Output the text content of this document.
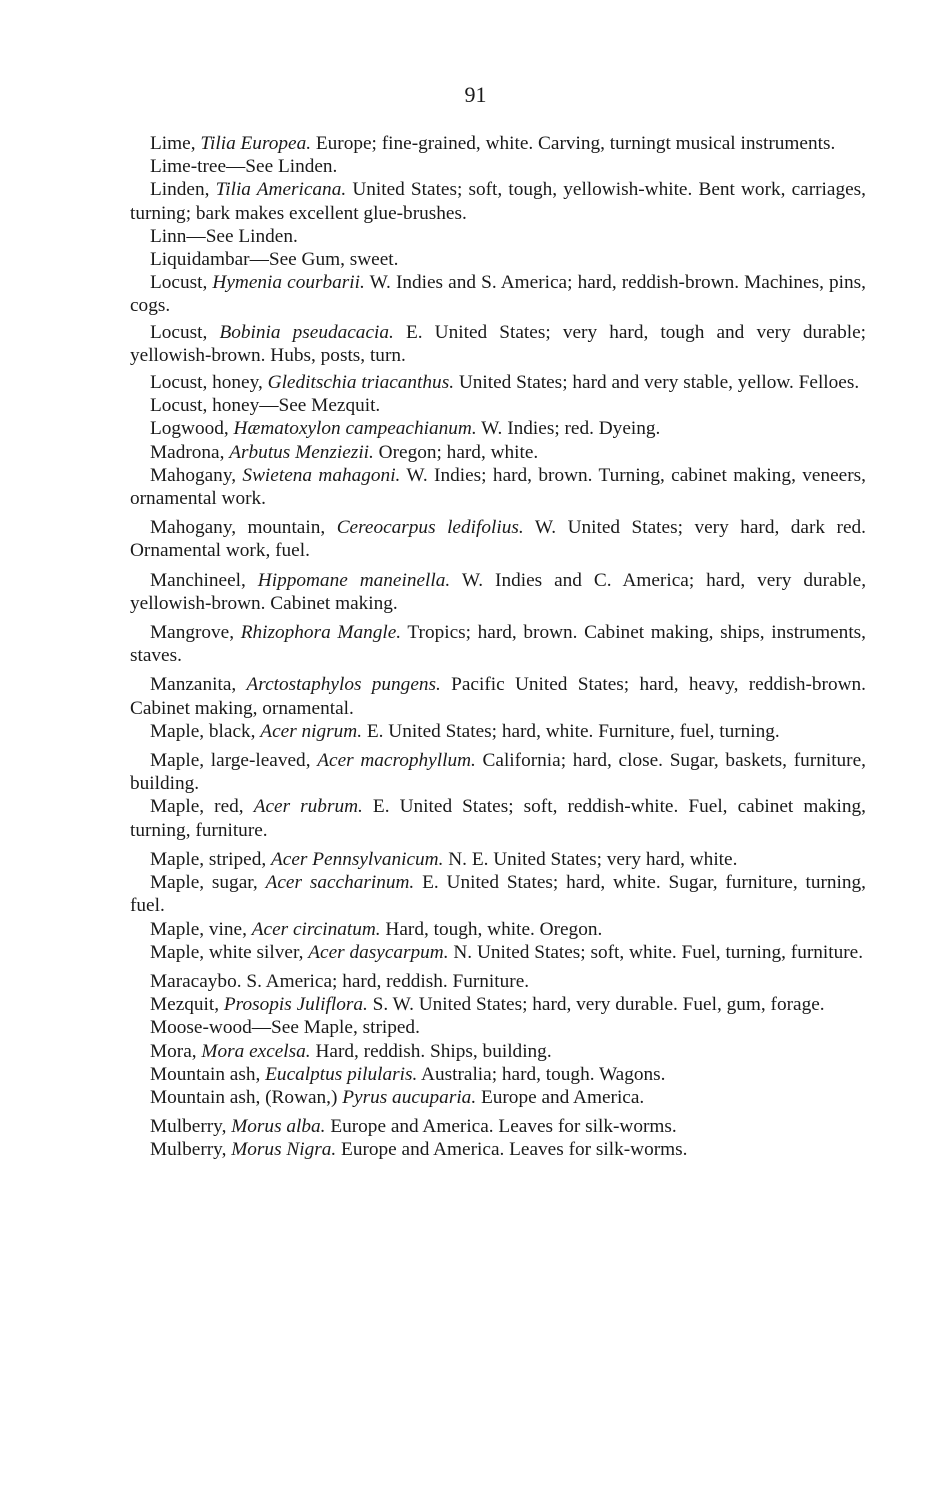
91

Lime, Tilia Europea. Europe; fine-grained, white. Carving, turningt musical instruments.

Lime-tree—See Linden.

Linden, Tilia Americana. United States; soft, tough, yellowish-white. Bent work, carriages, turning; bark makes excellent glue-brushes.

Linn—See Linden.

Liquidambar—See Gum, sweet.

Locust, Hymenia courbarii. W. Indies and S. America; hard, reddish-brown. Machines, pins, cogs.

Locust, Bobinia pseudacacia. E. United States; very hard, tough and very durable; yellowish-brown. Hubs, posts, turn.

Locust, honey, Gleditschia triacanthus. United States; hard and very stable, yellow. Felloes.

Locust, honey—See Mezquit.

Logwood, Hæmatoxylon campeachianum. W. Indies; red. Dyeing.

Madrona, Arbutus Menziezii. Oregon; hard, white.

Mahogany, Swietena mahagoni. W. Indies; hard, brown. Turning, cabinet making, veneers, ornamental work.

Mahogany, mountain, Cereocarpus ledifolius. W. United States; very hard, dark red. Ornamental work, fuel.

Manchineel, Hippomane maneinella. W. Indies and C. America; hard, very durable, yellowish-brown. Cabinet making.

Mangrove, Rhizophora Mangle. Tropics; hard, brown. Cabinet making, ships, instruments, staves.

Manzanita, Arctostaphylos pungens. Pacific United States; hard, heavy, reddish-brown. Cabinet making, ornamental.

Maple, black, Acer nigrum. E. United States; hard, white. Furniture, fuel, turning.

Maple, large-leaved, Acer macrophyllum. California; hard, close. Sugar, baskets, furniture, building.

Maple, red, Acer rubrum. E. United States; soft, reddish-white. Fuel, cabinet making, turning, furniture.

Maple, striped, Acer Pennsylvanicum. N. E. United States; very hard, white.

Maple, sugar, Acer saccharinum. E. United States; hard, white. Sugar, furniture, turning, fuel.

Maple, vine, Acer circinatum. Hard, tough, white. Oregon.

Maple, white silver, Acer dasycarpum. N. United States; soft, white. Fuel, turning, furniture.

Maracaybo. S. America; hard, reddish. Furniture.

Mezquit, Prosopis Juliflora. S. W. United States; hard, very durable. Fuel, gum, forage.

Moose-wood—See Maple, striped.

Mora, Mora excelsa. Hard, reddish. Ships, building.

Mountain ash, Eucalptus pilularis. Australia; hard, tough. Wagons.

Mountain ash, (Rowan,) Pyrus aucuparia. Europe and America.

Mulberry, Morus alba. Europe and America. Leaves for silk-worms.

Mulberry, Morus Nigra. Europe and America. Leaves for silk-worms.
